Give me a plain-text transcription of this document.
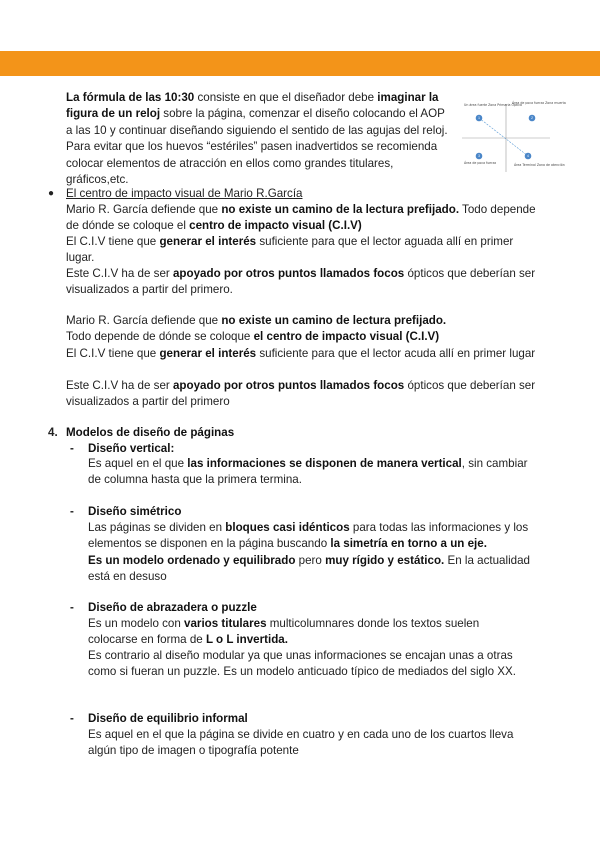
La fórmula de las 10:30 consiste en que el diseñador debe imaginar la figura de un reloj sobre la página, comenzar el diseño colocando el AOP a las 10 y continuar diseñando siguiendo el sentido de las agujas del reloj. Para evitar que los huevos “estériles” pasen inadvertidos se recomienda colocar elementos de atracción en ellos como grandes titulares, gráficos,etc.

1	2
3	4
Un área fuerte Zona Primaria Óptica
Área de poca fuerza Zona muerta
Área de poca fuerza	Área Terminal Zona de atención
● El centro de impacto visual de Mario R.García

Mario R. García defiende que no existe un camino de la lectura prefijado. Todo depende de dónde se coloque el centro de impacto visual (C.I.V)

El C.I.V tiene que generar el interés suficiente para que el lector aguada allí en primer lugar.

Este C.I.V ha de ser apoyado por otros puntos llamados focos ópticos que deberían ser visualizados a partir del primero.

Mario R. García defiende que no existe un camino de lectura prefijado.
Todo depende de dónde se coloque el centro de impacto visual (C.I.V)

El C.I.V tiene que generar el interés suficiente para que el lector acuda allí en primer lugar

Este C.I.V ha de ser apoyado por otros puntos llamados focos ópticos que deberían ser visualizados a partir del primero

4. Modelos de diseño de páginas
- Diseño vertical:

Es aquel en el que las informaciones se disponen de manera vertical, sin cambiar de columna hasta que la primera termina.

- Diseño simétrico

Las páginas se dividen en bloques casi idénticos para todas las informaciones y los elementos se disponen en la página buscando la simetría en torno a un eje.
Es un modelo ordenado y equilibrado pero muy rígido y estático. En la actualidad está en desuso

- Diseño de abrazadera o puzzle

Es un modelo con varios titulares multicolumnares donde los textos suelen colocarse en forma de L o L invertida.

Es contrario al diseño modular ya que unas informaciones se encajan unas a otras como si fueran un puzzle. Es un modelo anticuado típico de mediados del siglo XX.

- Diseño de equilibrio informal

Es aquel en el que la página se divide en cuatro y en cada uno de los cuartos lleva algún tipo de imagen o tipografía potente
